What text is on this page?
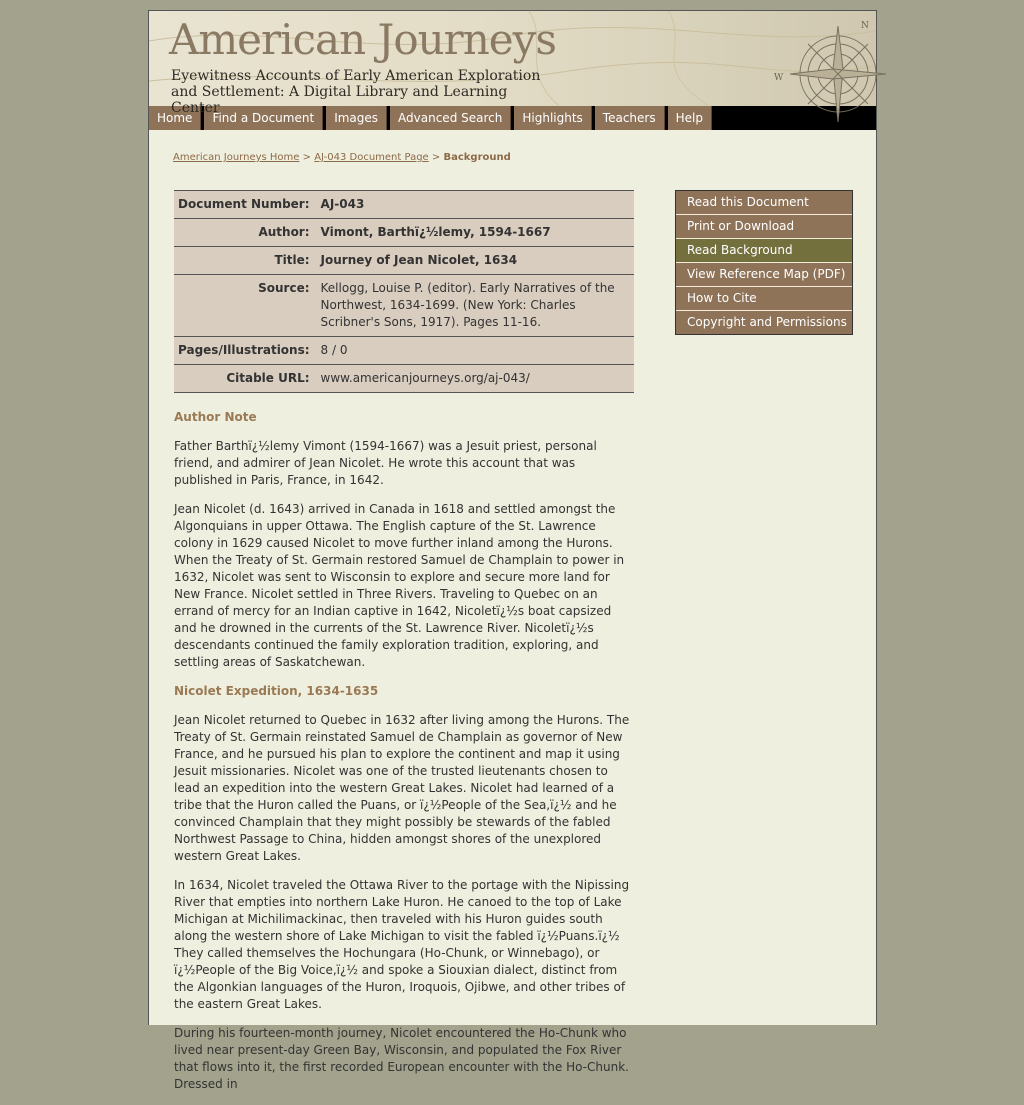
American Journeys
Eyewitness Accounts of Early American Exploration
and Settlement: A Digital Library and Learning Center
W
N
Home	Find a Document	Images	Advanced Search	Highlights	Teachers	Help
American Journeys Home > AJ-043 Document Page > Background
Document Number:	AJ-043
Author:	Vimont, Barthï¿½lemy, 1594-1667
Title:	Journey of Jean Nicolet, 1634
Source:	Kellogg, Louise P. (editor). Early Narratives of the Northwest, 1634-1699. (New York: Charles Scribner's Sons, 1917). Pages 11-16.
Pages/Illustrations:	8 / 0
Citable URL:	www.americanjourneys.org/aj-043/
Read this Document
Print or Download
Read Background
View Reference Map (PDF)
How to Cite
Copyright and Permissions
Author Note

Father Barthï¿½lemy Vimont (1594-1667) was a Jesuit priest, personal friend, and admirer of Jean Nicolet. He wrote this account that was published in Paris, France, in 1642.

Jean Nicolet (d. 1643) arrived in Canada in 1618 and settled amongst the Algonquians in upper Ottawa. The English capture of the St. Lawrence colony in 1629 caused Nicolet to move further inland among the Hurons. When the Treaty of St. Germain restored Samuel de Champlain to power in 1632, Nicolet was sent to Wisconsin to explore and secure more land for New France. Nicolet settled in Three Rivers. Traveling to Quebec on an errand of mercy for an Indian captive in 1642, Nicoletï¿½s boat capsized and he drowned in the currents of the St. Lawrence River. Nicoletï¿½s descendants continued the family exploration tradition, exploring, and settling areas of Saskatchewan.

Nicolet Expedition, 1634-1635

Jean Nicolet returned to Quebec in 1632 after living among the Hurons. The Treaty of St. Germain reinstated Samuel de Champlain as governor of New France, and he pursued his plan to explore the continent and map it using Jesuit missionaries. Nicolet was one of the trusted lieutenants chosen to lead an expedition into the western Great Lakes. Nicolet had learned of a tribe that the Huron called the Puans, or ï¿½People of the Sea,ï¿½ and he convinced Champlain that they might possibly be stewards of the fabled Northwest Passage to China, hidden amongst shores of the unexplored western Great Lakes.

In 1634, Nicolet traveled the Ottawa River to the portage with the Nipissing River that empties into northern Lake Huron. He canoed to the top of Lake Michigan at Michilimackinac, then traveled with his Huron guides south along the western shore of Lake Michigan to visit the fabled ï¿½Puans.ï¿½ They called themselves the Hochungara (Ho-Chunk, or Winnebago), or ï¿½People of the Big Voice,ï¿½ and spoke a Siouxian dialect, distinct from the Algonkian languages of the Huron, Iroquois, Ojibwe, and other tribes of the eastern Great Lakes.

During his fourteen-month journey, Nicolet encountered the Ho-Chunk who lived near present-day Green Bay, Wisconsin, and populated the Fox River that flows into it, the first recorded European encounter with the Ho-Chunk. Dressed in
